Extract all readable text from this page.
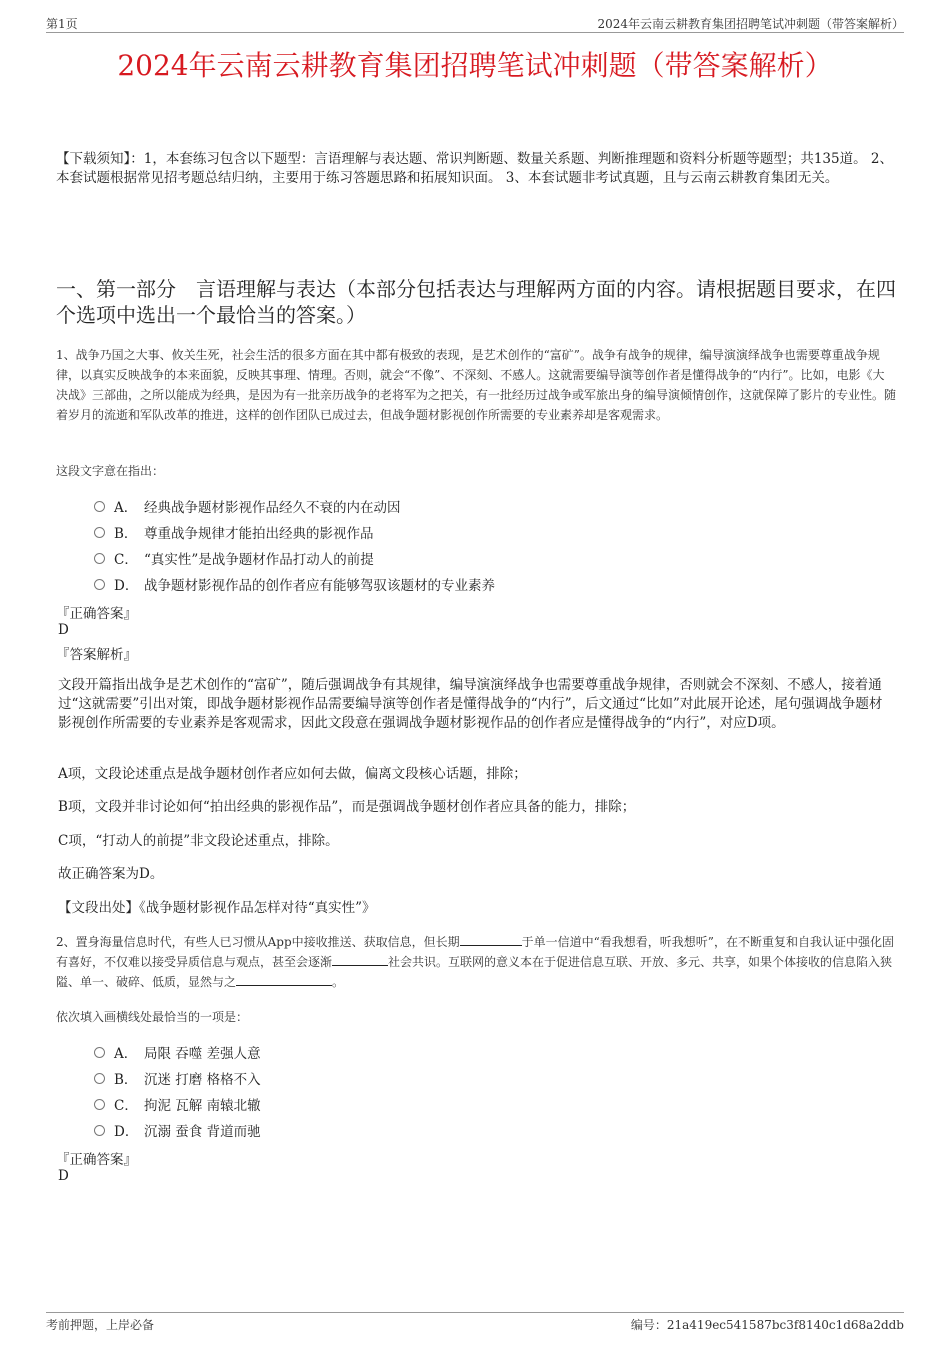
第1页	2024年云南云耕教育集团招聘笔试冲刺题（带答案解析）
2024年云南云耕教育集团招聘笔试冲刺题（带答案解析）
【下载须知】：1，本套练习包含以下题型：言语理解与表达题、常识判断题、数量关系题、判断推理题和资料分析题等题型；共135道。 2、本套试题根据常见招考题总结归纳，主要用于练习答题思路和拓展知识面。 3、本套试题非考试真题，且与云南云耕教育集团无关。
一、第一部分　言语理解与表达（本部分包括表达与理解两方面的内容。请根据题目要求，在四个选项中选出一个最恰当的答案。）
1、战争乃国之大事、攸关生死，社会生活的很多方面在其中都有极致的表现，是艺术创作的“富矿”。战争有战争的规律，编导演演绎战争也需要尊重战争规律，以真实反映战争的本来面貌，反映其事理、情理。否则，就会“不像”、不深刻、不感人。这就需要编导演等创作者是懂得战争的“内行”。比如，电影《大决战》三部曲，之所以能成为经典，是因为有一批亲历战争的老将军为之把关，有一批经历过战争或军旅出身的编导演倾情创作，这就保障了影片的专业性。随着岁月的流逝和军队改革的推进，这样的创作团队已成过去，但战争题材影视创作所需要的专业素养却是客观需求。
这段文字意在指出：
A． 经典战争题材影视作品经久不衰的内在动因
B． 尊重战争规律才能拍出经典的影视作品
C． “真实性”是战争题材作品打动人的前提
D． 战争题材影视作品的创作者应有能够驾驭该题材的专业素养
『正确答案』
D
『答案解析』
文段开篇指出战争是艺术创作的“富矿”，随后强调战争有其规律，编导演演绎战争也需要尊重战争规律，否则就会不深刻、不感人，接着通过“这就需要”引出对策，即战争题材影视作品需要编导演等创作者是懂得战争的“内行”，后文通过“比如”对此展开论述，尾句强调战争题材影视创作所需要的专业素养是客观需求，因此文段意在强调战争题材影视作品的创作者应是懂得战争的“内行”，对应D项。
A项，文段论述重点是战争题材创作者应如何去做，偏离文段核心话题，排除；
B项，文段并非讨论如何“拍出经典的影视作品”，而是强调战争题材创作者应具备的能力，排除；
C项，“打动人的前提”非文段论述重点，排除。
故正确答案为D。
【文段出处】《战争题材影视作品怎样对待“真实性”》
2、置身海量信息时代，有些人已习惯从App中接收推送、获取信息，但长期	于单一信道中“看我想看，听我想听”，在不断重复和自我认证中强化固有喜好，不仅难以接受异质信息与观点，甚至会逐渐	社会共识。互联网的意义本在于促进信息互联、开放、多元、共享，如果个体接收的信息陷入狭隘、单一、破碎、低质，显然与之	。
依次填入画横线处最恰当的一项是：
A． 局限 吞噬 差强人意
B． 沉迷 打磨 格格不入
C． 拘泥 瓦解 南辕北辙
D． 沉溺 蚕食 背道而驰
『正确答案』
D
考前押题，上岸必备	编号：21a419ec541587bc3f8140c1d68a2ddb
